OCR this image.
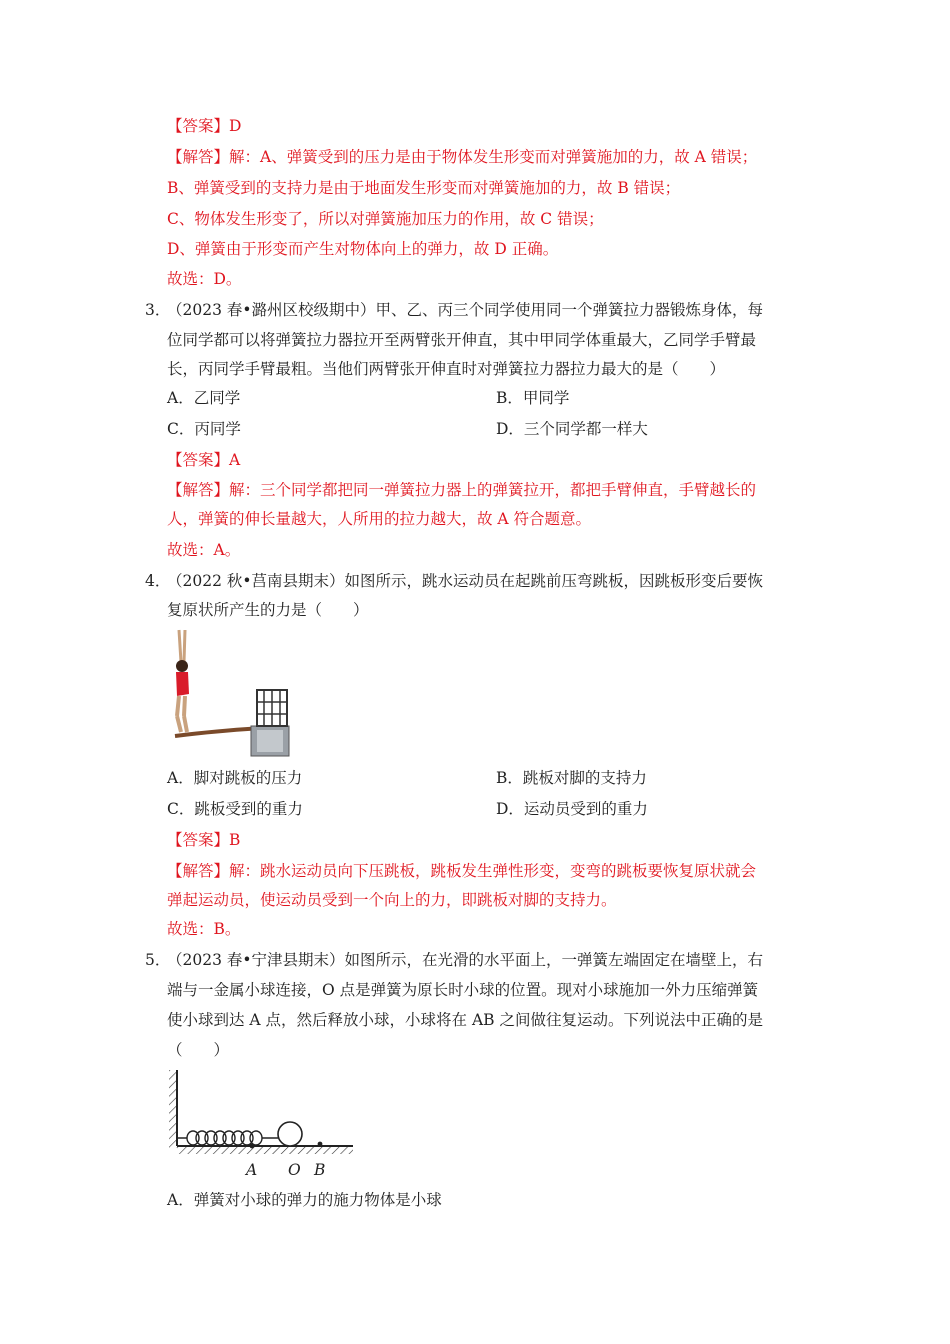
【答案】D
【解答】解：A、弹簧受到的压力是由于物体发生形变而对弹簧施加的力，故 A 错误；
B、弹簧受到的支持力是由于地面发生形变而对弹簧施加的力，故 B 错误；
C、物体发生形变了，所以对弹簧施加压力的作用，故 C 错误；
D、弹簧由于形变而产生对物体向上的弹力，故 D 正确。
故选：D。
3．
（2023 春•潞州区校级期中）甲、乙、丙三个同学使用同一个弹簧拉力器锻炼身体，每
位同学都可以将弹簧拉力器拉开至两臂张开伸直，其中甲同学体重最大，乙同学手臂最
长，丙同学手臂最粗。当他们两臂张开伸直时对弹簧拉力器拉力最大的是（　　）
A．乙同学	B．甲同学
C．丙同学	D．三个同学都一样大
【答案】A
【解答】解：三个同学都把同一弹簧拉力器上的弹簧拉开，都把手臂伸直，手臂越长的
人，弹簧的伸长量越大，人所用的拉力越大，故 A 符合题意。
故选：A。
4．
（2022 秋•莒南县期末）如图所示，跳水运动员在起跳前压弯跳板，因跳板形变后要恢
复原状所产生的力是（　　）
A．脚对跳板的压力	B．跳板对脚的支持力
C．跳板受到的重力	D．运动员受到的重力
【答案】B
【解答】解：跳水运动员向下压跳板，跳板发生弹性形变，变弯的跳板要恢复原状就会
弹起运动员，使运动员受到一个向上的力，即跳板对脚的支持力。
故选：B。
5．
（2023 春•宁津县期末）如图所示，在光滑的水平面上，一弹簧左端固定在墙壁上，右
端与一金属小球连接，O 点是弹簧为原长时小球的位置。现对小球施加一外力压缩弹簧
使小球到达 A 点，然后释放小球，小球将在 AB 之间做往复运动。下列说法中正确的是
（　　）
A O B
A．弹簧对小球的弹力的施力物体是小球
